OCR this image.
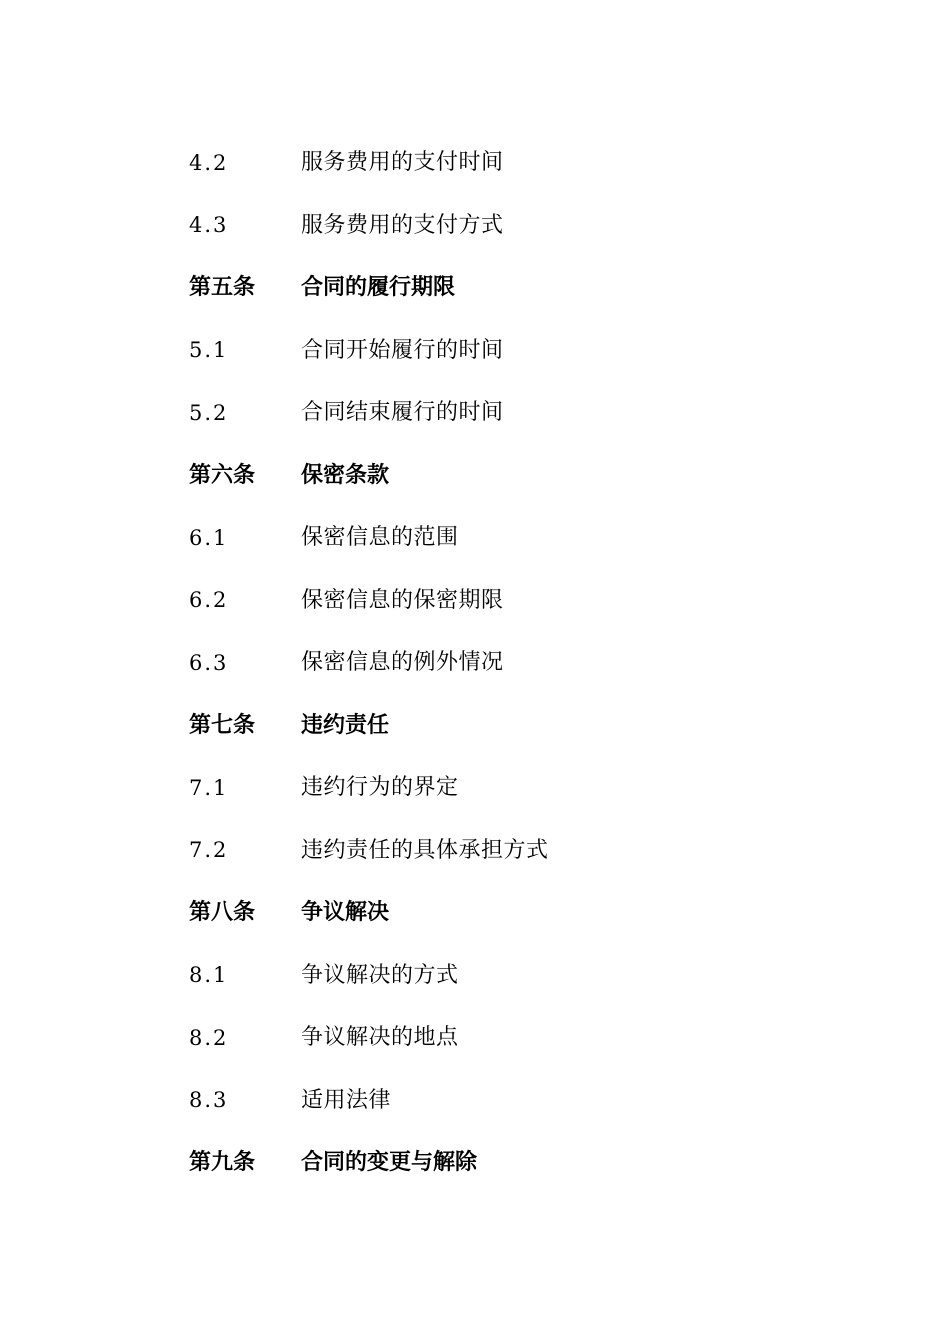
4.2	服务费用的支付时间
4.3	服务费用的支付方式
第五条	合同的履行期限
5.1	合同开始履行的时间
5.2	合同结束履行的时间
第六条	保密条款
6.1	保密信息的范围
6.2	保密信息的保密期限
6.3	保密信息的例外情况
第七条	违约责任
7.1	违约行为的界定
7.2	违约责任的具体承担方式
第八条	争议解决
8.1	争议解决的方式
8.2	争议解决的地点
8.3	适用法律
第九条	合同的变更与解除
